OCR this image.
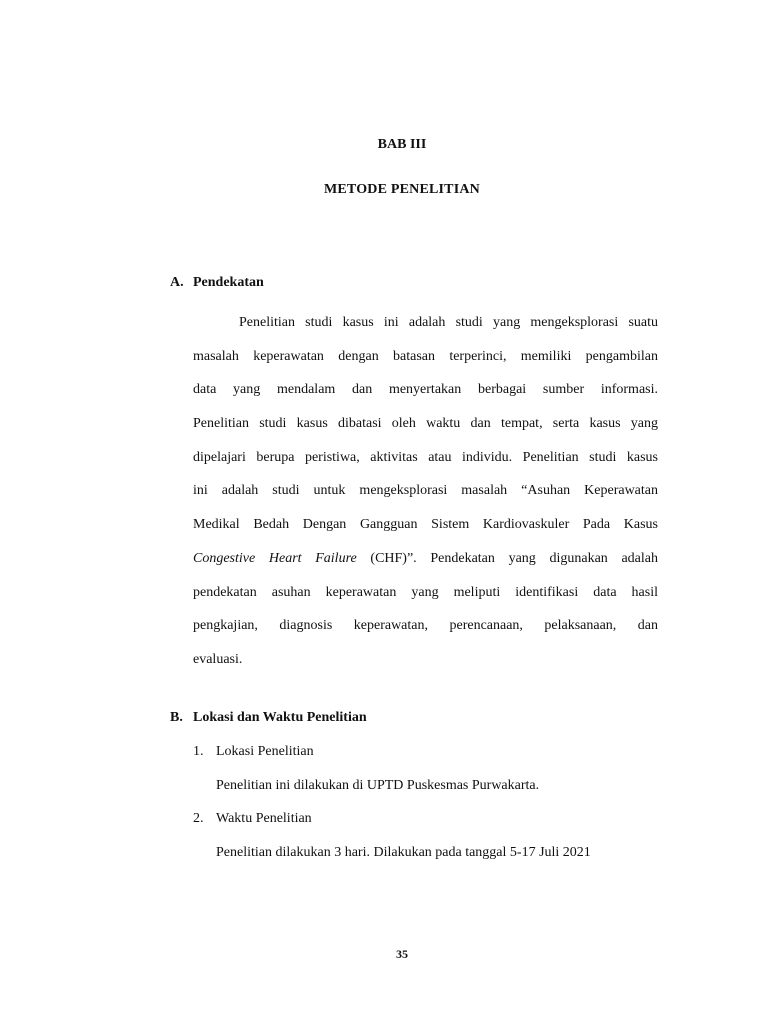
BAB III
METODE PENELITIAN
A. Pendekatan
Penelitian studi kasus ini adalah studi yang mengeksplorasi suatu
masalah keperawatan dengan batasan terperinci, memiliki pengambilan
data yang mendalam dan menyertakan berbagai sumber informasi.
Penelitian studi kasus dibatasi oleh waktu dan tempat, serta kasus yang
dipelajari berupa peristiwa, aktivitas atau individu. Penelitian studi kasus
ini adalah studi untuk mengeksplorasi masalah “Asuhan Keperawatan
Medikal Bedah Dengan Gangguan Sistem Kardiovaskuler Pada Kasus
Congestive Heart Failure (CHF)”. Pendekatan yang digunakan adalah
pendekatan asuhan keperawatan yang meliputi identifikasi data hasil
pengkajian, diagnosis keperawatan, perencanaan, pelaksanaan, dan
evaluasi.
B. Lokasi dan Waktu Penelitian
1. Lokasi Penelitian
Penelitian ini dilakukan di UPTD Puskesmas Purwakarta.
2. Waktu Penelitian
Penelitian dilakukan 3 hari. Dilakukan pada tanggal 5-17 Juli 2021
35
